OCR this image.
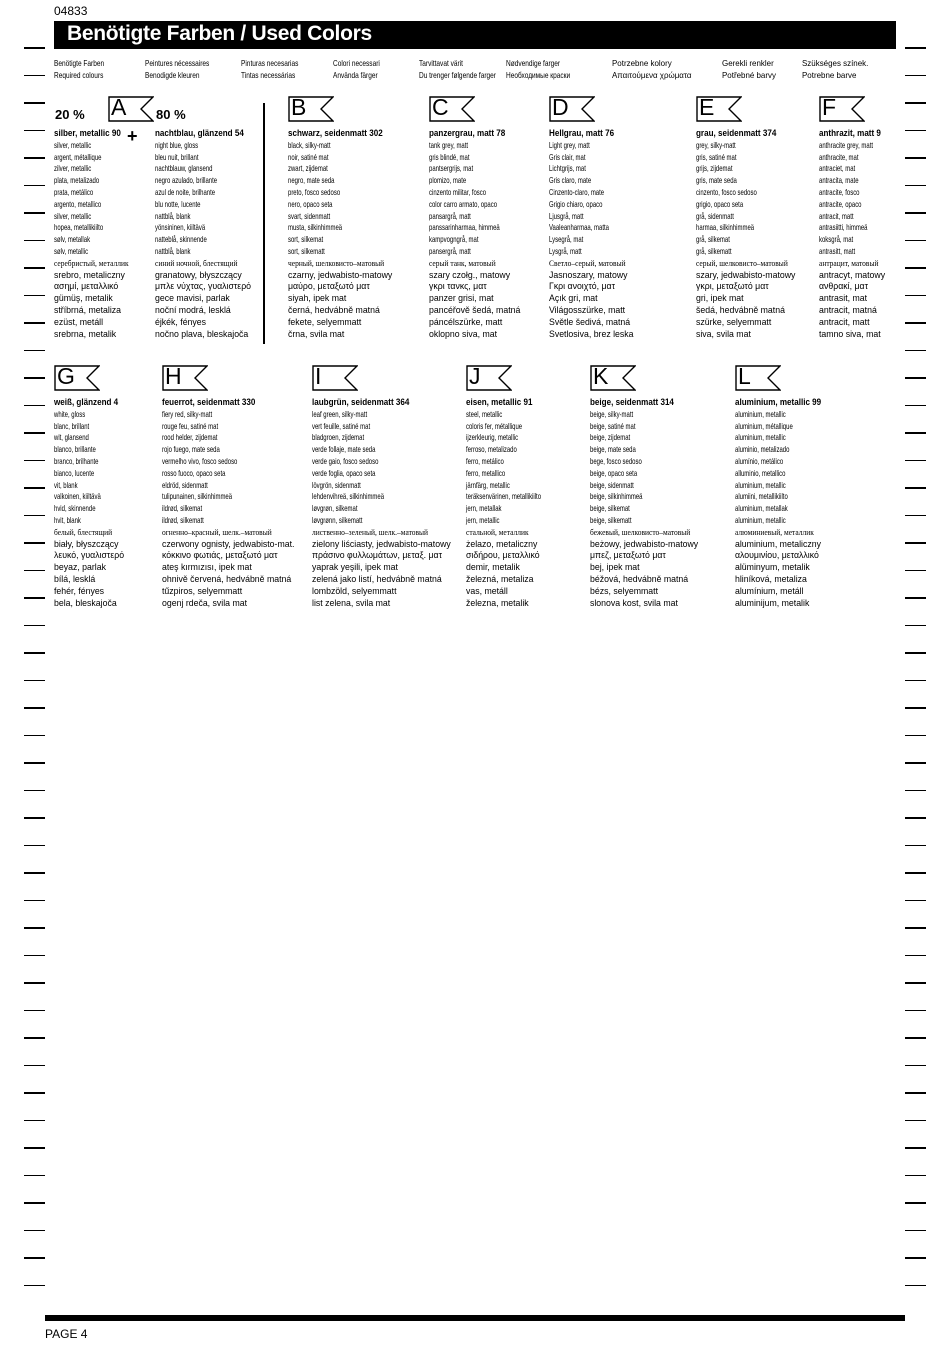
04833
Benötigte Farben / Used Colors
Benötigte Farben
Required colours
Peintures nécessaires
Benodigde kleuren
Pinturas necesarias
Tintas necessárias
Colori necessari
Använda färger
Tarvittavat värit
Du trenger følgende farger
Nødvendige farger
Необходимые краски
Potrzebne kolory
Απαιτούμενα χρώματα
Gerekli renkler
Potřebné barvy
Szükséges színek.
Potrebne barve
20 %	80 %
+
A
silber, metallic 90
silver, metallic
argent, métallique
zilver, metallic
plata, metalizado
prata, metálico
argento, metallico
silver, metallic
hopea, metallikiilto
sølv, metallak
sølv, metallic
серебристый, металлик
srebro, metaliczny
ασημί, μεταλλικό
gümüş, metalik
stříbrná, metaliza
ezüst, metáll
srebrna, metalik
nachtblau, glänzend 54
night blue, gloss
bleu nuit, brillant
nachtblauw, glansend
negro azulado, brillante
azul de noite, brilhante
blu notte, lucente
nattblå, blank
yönsininen, kiiltävä
natteblå, skinnende
nattblå, blank
синий ночной, блестящий
granatowy, błyszczący
μπλε νύχτας, γυαλιστερό
gece mavisi, parlak
noční modrá, lesklá
éjkék, fényes
nočno plava, bleskajoča
B
schwarz, seidenmatt 302
black, silky-matt
noir, satiné mat
zwart, zijdemat
negro, mate seda
preto, fosco sedoso
nero, opaco seta
svart, sidenmatt
musta, silkinhimmeä
sort, silkemat
sort, silkematt
черный, шелковисто–матовый
czarny, jedwabisto-matowy
μαύρο, μεταξωτό ματ
siyah, ipek mat
černá, hedvábně matná
fekete, selyemmatt
črna, svila mat
C
panzergrau, matt 78
tank grey, matt
gris blindé, mat
pantsergrijs, mat
plomizo, mate
cinzento militar, fosco
color carro armato, opaco
pansargrå, matt
panssarinharmaa, himmeä
kampvogngrå, mat
pansergrå, matt
серый танк, матовый
szary czołg., matowy
γκρι τανκς, ματ
panzer grisi, mat
pancéřově šedá, matná
páncélszürke, matt
oklopno siva, mat
D
Hellgrau, matt 76
Light grey, matt
Gris clair, mat
Lichtgrijs, mat
Gris claro, mate
Cinzento-claro, mate
Grigio chiaro, opaco
Ljusgrå, matt
Vaaleanharmaa, matta
Lysegrå, mat
Lysgrå, matt
Светло–серый, матовый
Jasnoszary, matowy
Γκρι ανοιχτό, ματ
Açık gri, mat
Világosszürke, matt
Světle šedivá, matná
Svetlosiva, brez leska
E
grau, seidenmatt 374
grey, silky-matt
gris, satiné mat
grijs, zijdemat
gris, mate seda
cinzento, fosco sedoso
grigio, opaco seta
grå, sidenmatt
harmaa, silkinhimmeä
grå, silkemat
grå, silkematt
серый, шелковисто–матовый
szary, jedwabisto-matowy
γκρι, μεταξωτό ματ
gri, ipek mat
šedá, hedvábně matná
szürke, selyemmatt
siva, svila mat
F
anthrazit, matt 9
anthracite grey, matt
anthracite, mat
antraciet, mat
antracita, mate
antracite, fosco
antracite, opaco
antracit, matt
antrasiitti, himmeä
koksgrå, mat
antrasitt, matt
антрацит, матовый
antracyt, matowy
ανθρακί, ματ
antrasit, mat
antracit, matná
antracit, matt
tamno siva, mat
G
weiß, glänzend 4
white, gloss
blanc, brillant
wit, glansend
blanco, brillante
branco, brilhante
bianco, lucente
vit, blank
valkoinen, kiiltävä
hvid, skinnende
hvit, blank
белый, блестящий
biały, błyszczący
λευκό, γυαλιστερό
beyaz, parlak
bílá, lesklá
fehér, fényes
bela, bleskajoča
H
feuerrot, seidenmatt 330
fiery red, silky-matt
rouge feu, satiné mat
rood helder, zijdemat
rojo fuego, mate seda
vermelho vivo, fosco sedoso
rosso fuoco, opaco seta
eldröd, sidenmatt
tulipunainen, silkinhimmeä
ildrød, silkemat
ildrød, silkematt
огненно–красный, шелк.–матовый
czerwony ognisty, jedwabisto-mat.
κόκκινο φωτιάς, μεταξωτό ματ
ateş kırmızısı, ipek mat
ohnivě červená, hedvábně matná
tűzpiros, selyemmatt
ogenj rdeča, svila mat
I
laubgrün, seidenmatt 364
leaf green, silky-matt
vert feuille, satiné mat
bladgroen, zijdemat
verde follaje, mate seda
verde gaio, fosco sedoso
verde foglia, opaco seta
lövgrön, sidenmatt
lehdenvihreä, silkinhimmeä
løvgrøn, silkemat
løvgrønn, silkematt
лиственно–зеленый, шелк.–матовый
zielony liściasty, jedwabisto-matowy
πράσινο φυλλωμάτων, μεταξ. ματ
yaprak yeşili, ipek mat
zelená jako listí, hedvábně matná
lombzöld, selyemmatt
list zelena, svila mat
J
eisen, metallic 91
steel, metallic
coloris fer, métallique
ijzerkleurig, metallic
ferroso, metalizado
ferro, metálico
ferro, metallico
järnfärg, metallic
teräksenvärinen, metallikiilto
jern, metallak
jern, metallic
стальной, металлик
żelazo, metaliczny
σιδήρου, μεταλλικό
demir, metalik
železná, metaliza
vas, metáll
železna, metalik
K
beige, seidenmatt 314
beige, silky-matt
beige, satiné mat
beige, zijdemat
beige, mate seda
bege, fosco sedoso
beige, opaco seta
beige, sidenmatt
beige, silkinhimmeä
beige, silkemat
beige, silkematt
бежевый, шелковисто–матовый
beżowy, jedwabisto-matowy
μπεζ, μεταξωτό ματ
bej, ipek mat
béžová, hedvábně matná
bézs, selyemmatt
slonova kost, svila mat
L
aluminium, metallic 99
aluminium, metallic
aluminium, métallique
aluminium, metallic
aluminio, metalizado
alumínio, metálico
alluminio, metallico
aluminium, metallic
alumiini, metallikiilto
aluminium, metallak
aluminium, metallic
алюминиевый, металлик
aluminium, metaliczny
αλουμινίου, μεταλλικό
alüminyum, metalik
hliníková, metaliza
alumínium, metáll
aluminijum, metalik
PAGE 4
